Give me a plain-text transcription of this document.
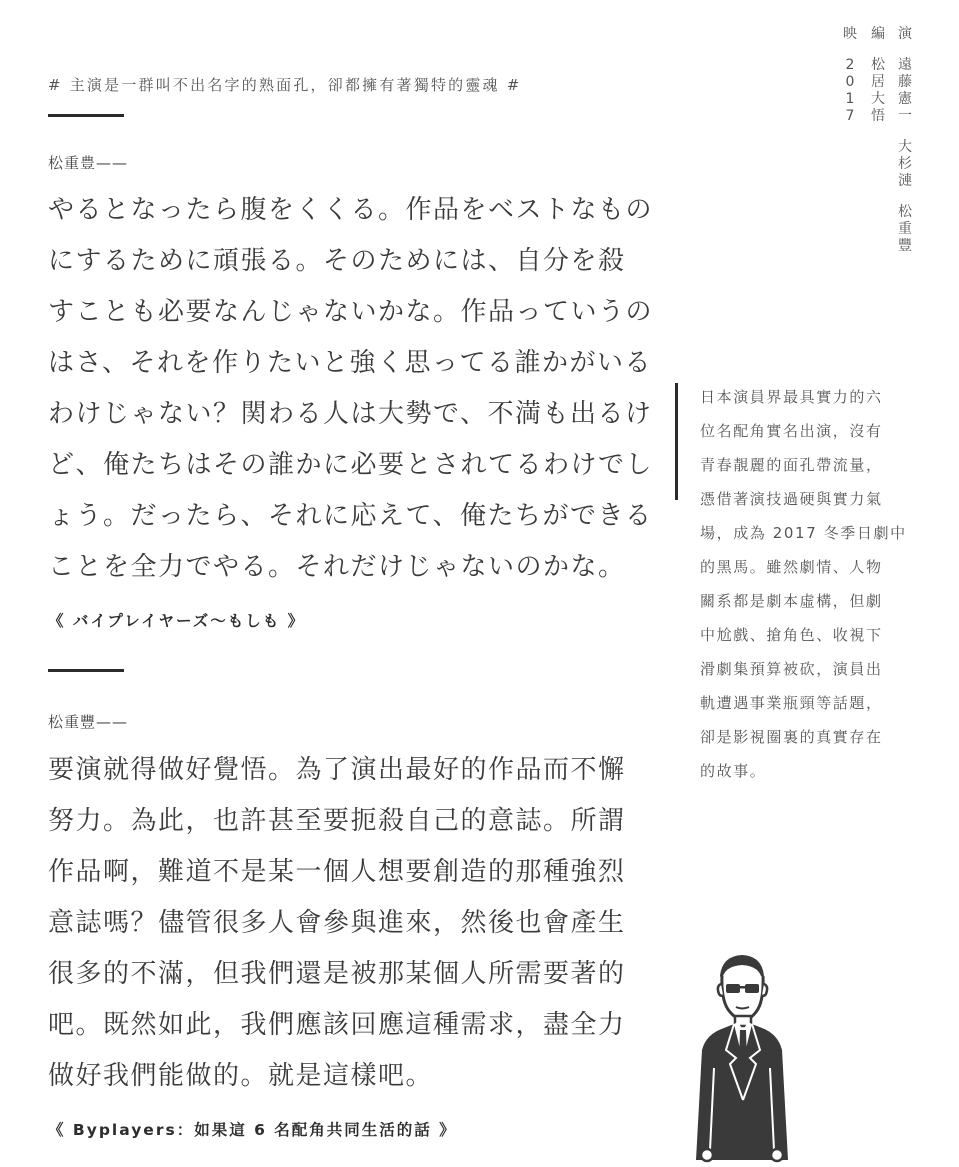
# 主演是一群叫不出名字的熟面孔，卻都擁有著獨特的靈魂 #
演
遠
藤
憲
一
大
杉
漣
松
重
豐
編
松
居
大
悟
映
2
0
1
7
松重豊——
やるとなったら腹をくくる。作品をベストなもの
にするために頑張る。そのためには、自分を殺
すことも必要なんじゃないかな。作品っていうの
はさ、それを作りたいと強く思ってる誰かがいる
わけじゃない？関わる人は大勢で、不満も出るけ
ど、俺たちはその誰かに必要とされてるわけでし
ょう。だったら、それに応えて、俺たちができる
ことを全力でやる。それだけじゃないのかな。
《 バイプレイヤーズ～もしも 》
松重豐——
要演就得做好覺悟。為了演出最好的作品而不懈
努力。為此，也許甚至要扼殺自己的意誌。所謂
作品啊，難道不是某一個人想要創造的那種強烈
意誌嗎？儘管很多人會參與進來，然後也會產生
很多的不滿，但我們還是被那某個人所需要著的
吧。既然如此，我們應該回應這種需求，盡全力
做好我們能做的。就是這樣吧。
《 Byplayers：如果這 6 名配角共同生活的話 》
日本演員界最具實力的六
位名配角實名出演，沒有
青春靚麗的面孔帶流量，
憑借著演技過硬與實力氣
場，成為 2017 冬季日劇中
的黑馬。雖然劇情、人物
關系都是劇本虛構，但劇
中尬戲、搶角色、收視下
滑劇集預算被砍，演員出
軌遭遇事業瓶頸等話題，
卻是影視圈裏的真實存在
的故事。
